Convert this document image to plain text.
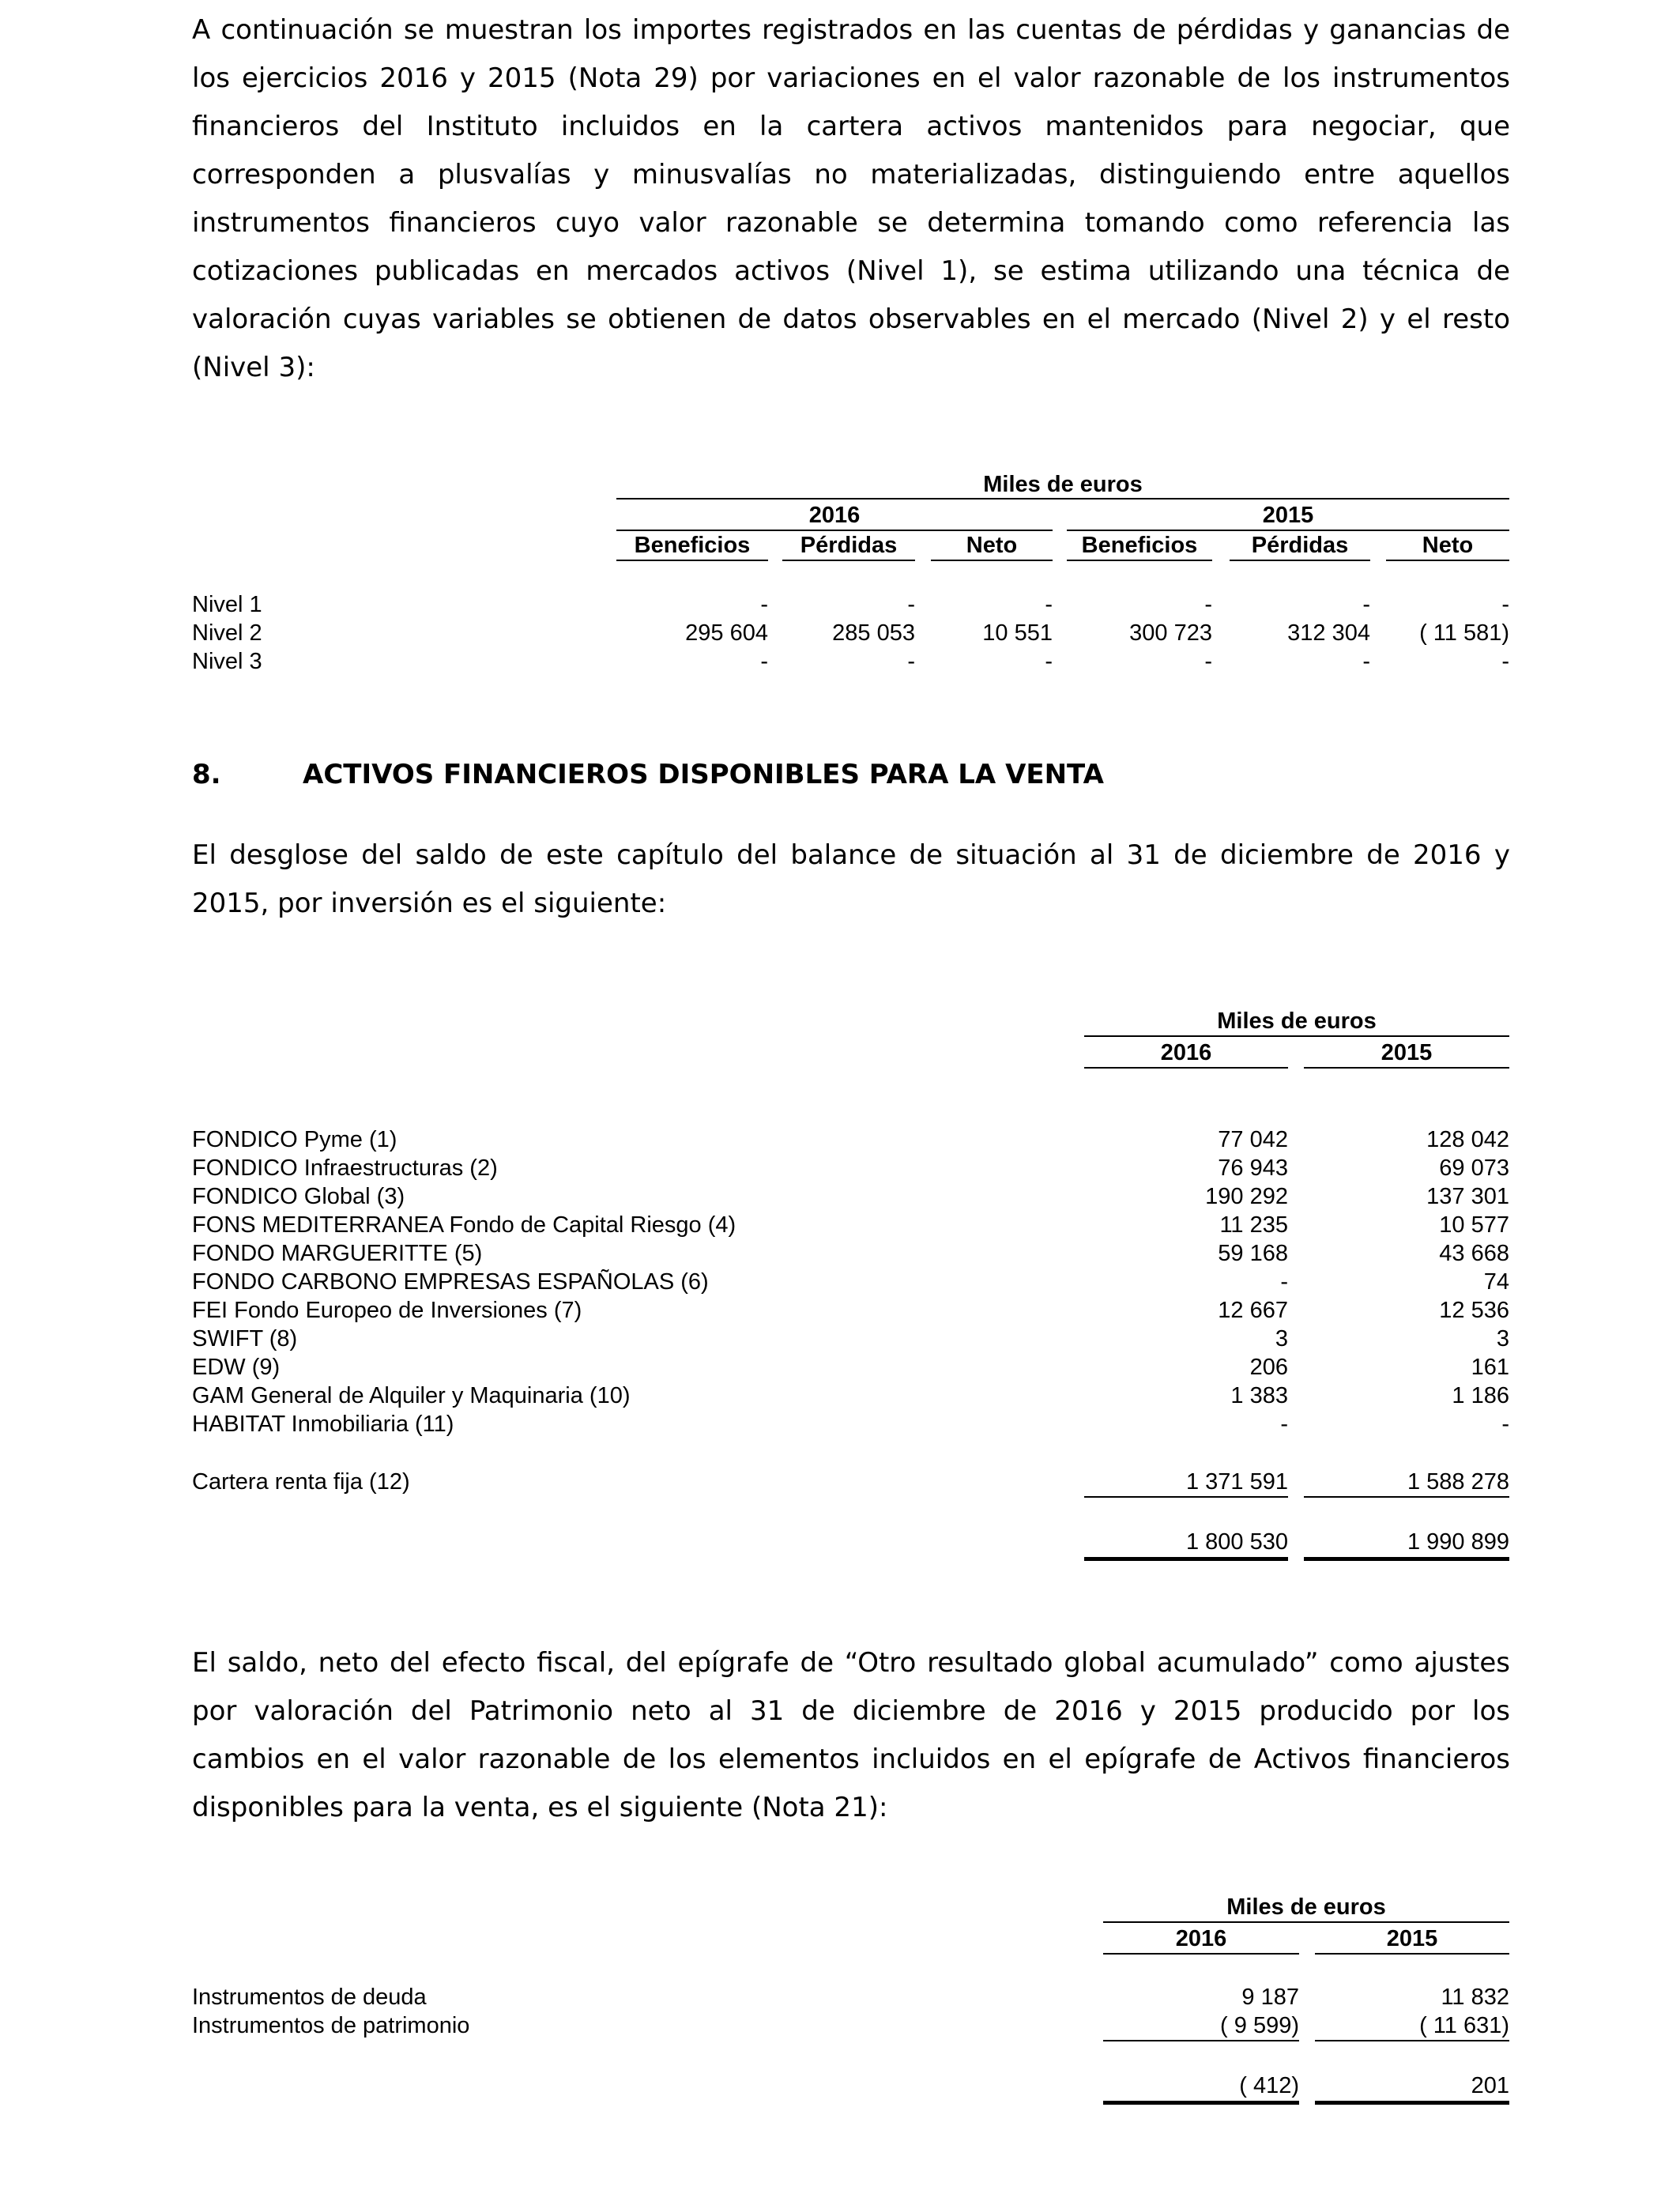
A continuación se muestran los importes registrados en las cuentas de pérdidas y ganancias de
los ejercicios 2016 y 2015 (Nota 29) por variaciones en el valor razonable de los instrumentos
financieros del Instituto incluidos en la cartera activos mantenidos para negociar, que
corresponden a plusvalías y minusvalías no materializadas, distinguiendo entre aquellos
instrumentos financieros cuyo valor razonable se determina tomando como referencia las
cotizaciones publicadas en mercados activos (Nivel 1), se estima utilizando una técnica de
valoración cuyas variables se obtienen de datos observables en el mercado (Nivel 2) y el resto
(Nivel 3):
Miles de euros
2016	2015
Beneficios	Pérdidas	Neto	Beneficios	Pérdidas	Neto
Nivel 1	-	-	-	-	-	-
Nivel 2	295 604	285 053	10 551	300 723	312 304	( 11 581)
Nivel 3	-	-	-	-	-	-
8.	ACTIVOS FINANCIEROS DISPONIBLES PARA LA VENTA
El desglose del saldo de este capítulo del balance de situación al 31 de diciembre de 2016 y
2015, por inversión es el siguiente:
Miles de euros
2016	2015
FONDICO Pyme (1)	77 042	128 042
FONDICO Infraestructuras (2)	76 943	69 073
FONDICO Global (3)	190 292	137 301
FONS MEDITERRANEA Fondo de Capital Riesgo (4)	11 235	10 577
FONDO MARGUERITTE (5)	59 168	43 668
FONDO CARBONO EMPRESAS ESPAÑOLAS (6)	-	74
FEI Fondo Europeo de Inversiones (7)	12 667	12 536
SWIFT (8)	3	3
EDW (9)	206	161
GAM General de Alquiler y Maquinaria (10)	1 383	1 186
HABITAT Inmobiliaria (11)	-	-
Cartera renta fija (12)	1 371 591	1 588 278
1 800 530	1 990 899
El saldo, neto del efecto fiscal, del epígrafe de “Otro resultado global acumulado” como ajustes
por valoración del Patrimonio neto al 31 de diciembre de 2016 y 2015 producido por los
cambios en el valor razonable de los elementos incluidos en el epígrafe de Activos financieros
disponibles para la venta, es el siguiente (Nota 21):
Miles de euros
2016	2015
Instrumentos de deuda	9 187	11 832
Instrumentos de patrimonio	( 9 599)	( 11 631)
( 412)	201
